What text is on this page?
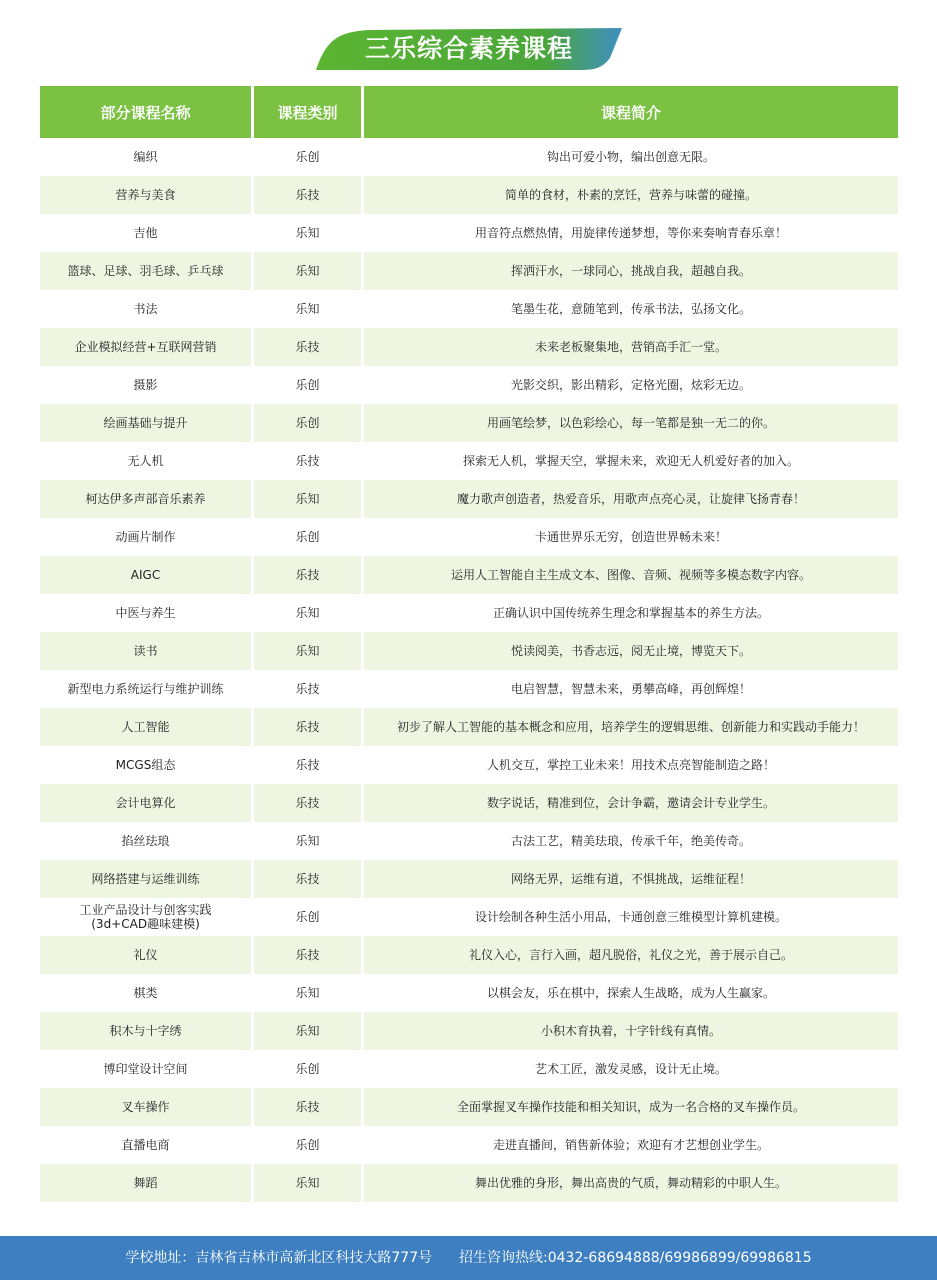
三乐综合素养课程
部分课程名称	课程类别	课程简介
编织	乐创	钩出可爱小物，编出创意无限。
营养与美食	乐技	简单的食材，朴素的烹饪，营养与味蕾的碰撞。
吉他	乐知	用音符点燃热情，用旋律传递梦想，等你来奏响青春乐章！
篮球、足球、羽毛球、乒乓球	乐知	挥洒汗水，一球同心，挑战自我，超越自我。
书法	乐知	笔墨生花，意随笔到，传承书法，弘扬文化。
企业模拟经营+互联网营销	乐技	未来老板聚集地，营销高手汇一堂。
摄影	乐创	光影交织，影出精彩，定格光圈，炫彩无边。
绘画基础与提升	乐创	用画笔绘梦，以色彩绘心，每一笔都是独一无二的你。
无人机	乐技	探索无人机，掌握天空，掌握未来，欢迎无人机爱好者的加入。
柯达伊多声部音乐素养	乐知	魔力歌声创造者，热爱音乐，用歌声点亮心灵，让旋律飞扬青春！
动画片制作	乐创	卡通世界乐无穷，创造世界畅未来！
AIGC	乐技	运用人工智能自主生成文本、图像、音频、视频等多模态数字内容。
中医与养生	乐知	正确认识中国传统养生理念和掌握基本的养生方法。
读书	乐知	悦读阅美，书香志远，阅无止境，博览天下。
新型电力系统运行与维护训练	乐技	电启智慧，智慧未来，勇攀高峰，再创辉煌！
人工智能	乐技	初步了解人工智能的基本概念和应用，培养学生的逻辑思维、创新能力和实践动手能力！
MCGS组态	乐技	人机交互，掌控工业未来！用技术点亮智能制造之路！
会计电算化	乐技	数字说话，精准到位，会计争霸，邀请会计专业学生。
掐丝珐琅	乐知	古法工艺，精美珐琅，传承千年，绝美传奇。
网络搭建与运维训练	乐技	网络无界，运维有道，不惧挑战，运维征程！
工业产品设计与创客实践
(3d+CAD趣味建模)	乐创	设计绘制各种生活小用品，卡通创意三维模型计算机建模。
礼仪	乐技	礼仪入心，言行入画，超凡脱俗，礼仪之光，善于展示自己。
棋类	乐知	以棋会友，乐在棋中，探索人生战略，成为人生赢家。
积木与十字绣	乐知	小积木育执着，十字针线有真情。
博印堂设计空间	乐创	艺术工匠，激发灵感，设计无止境。
叉车操作	乐技	全面掌握叉车操作技能和相关知识，成为一名合格的叉车操作员。
直播电商	乐创	走进直播间，销售新体验；欢迎有才艺想创业学生。
舞蹈	乐知	舞出优雅的身形，舞出高贵的气质，舞动精彩的中职人生。
学校地址：吉林省吉林市高新北区科技大路777号 招生咨询热线:0432-68694888/69986899/69986815
